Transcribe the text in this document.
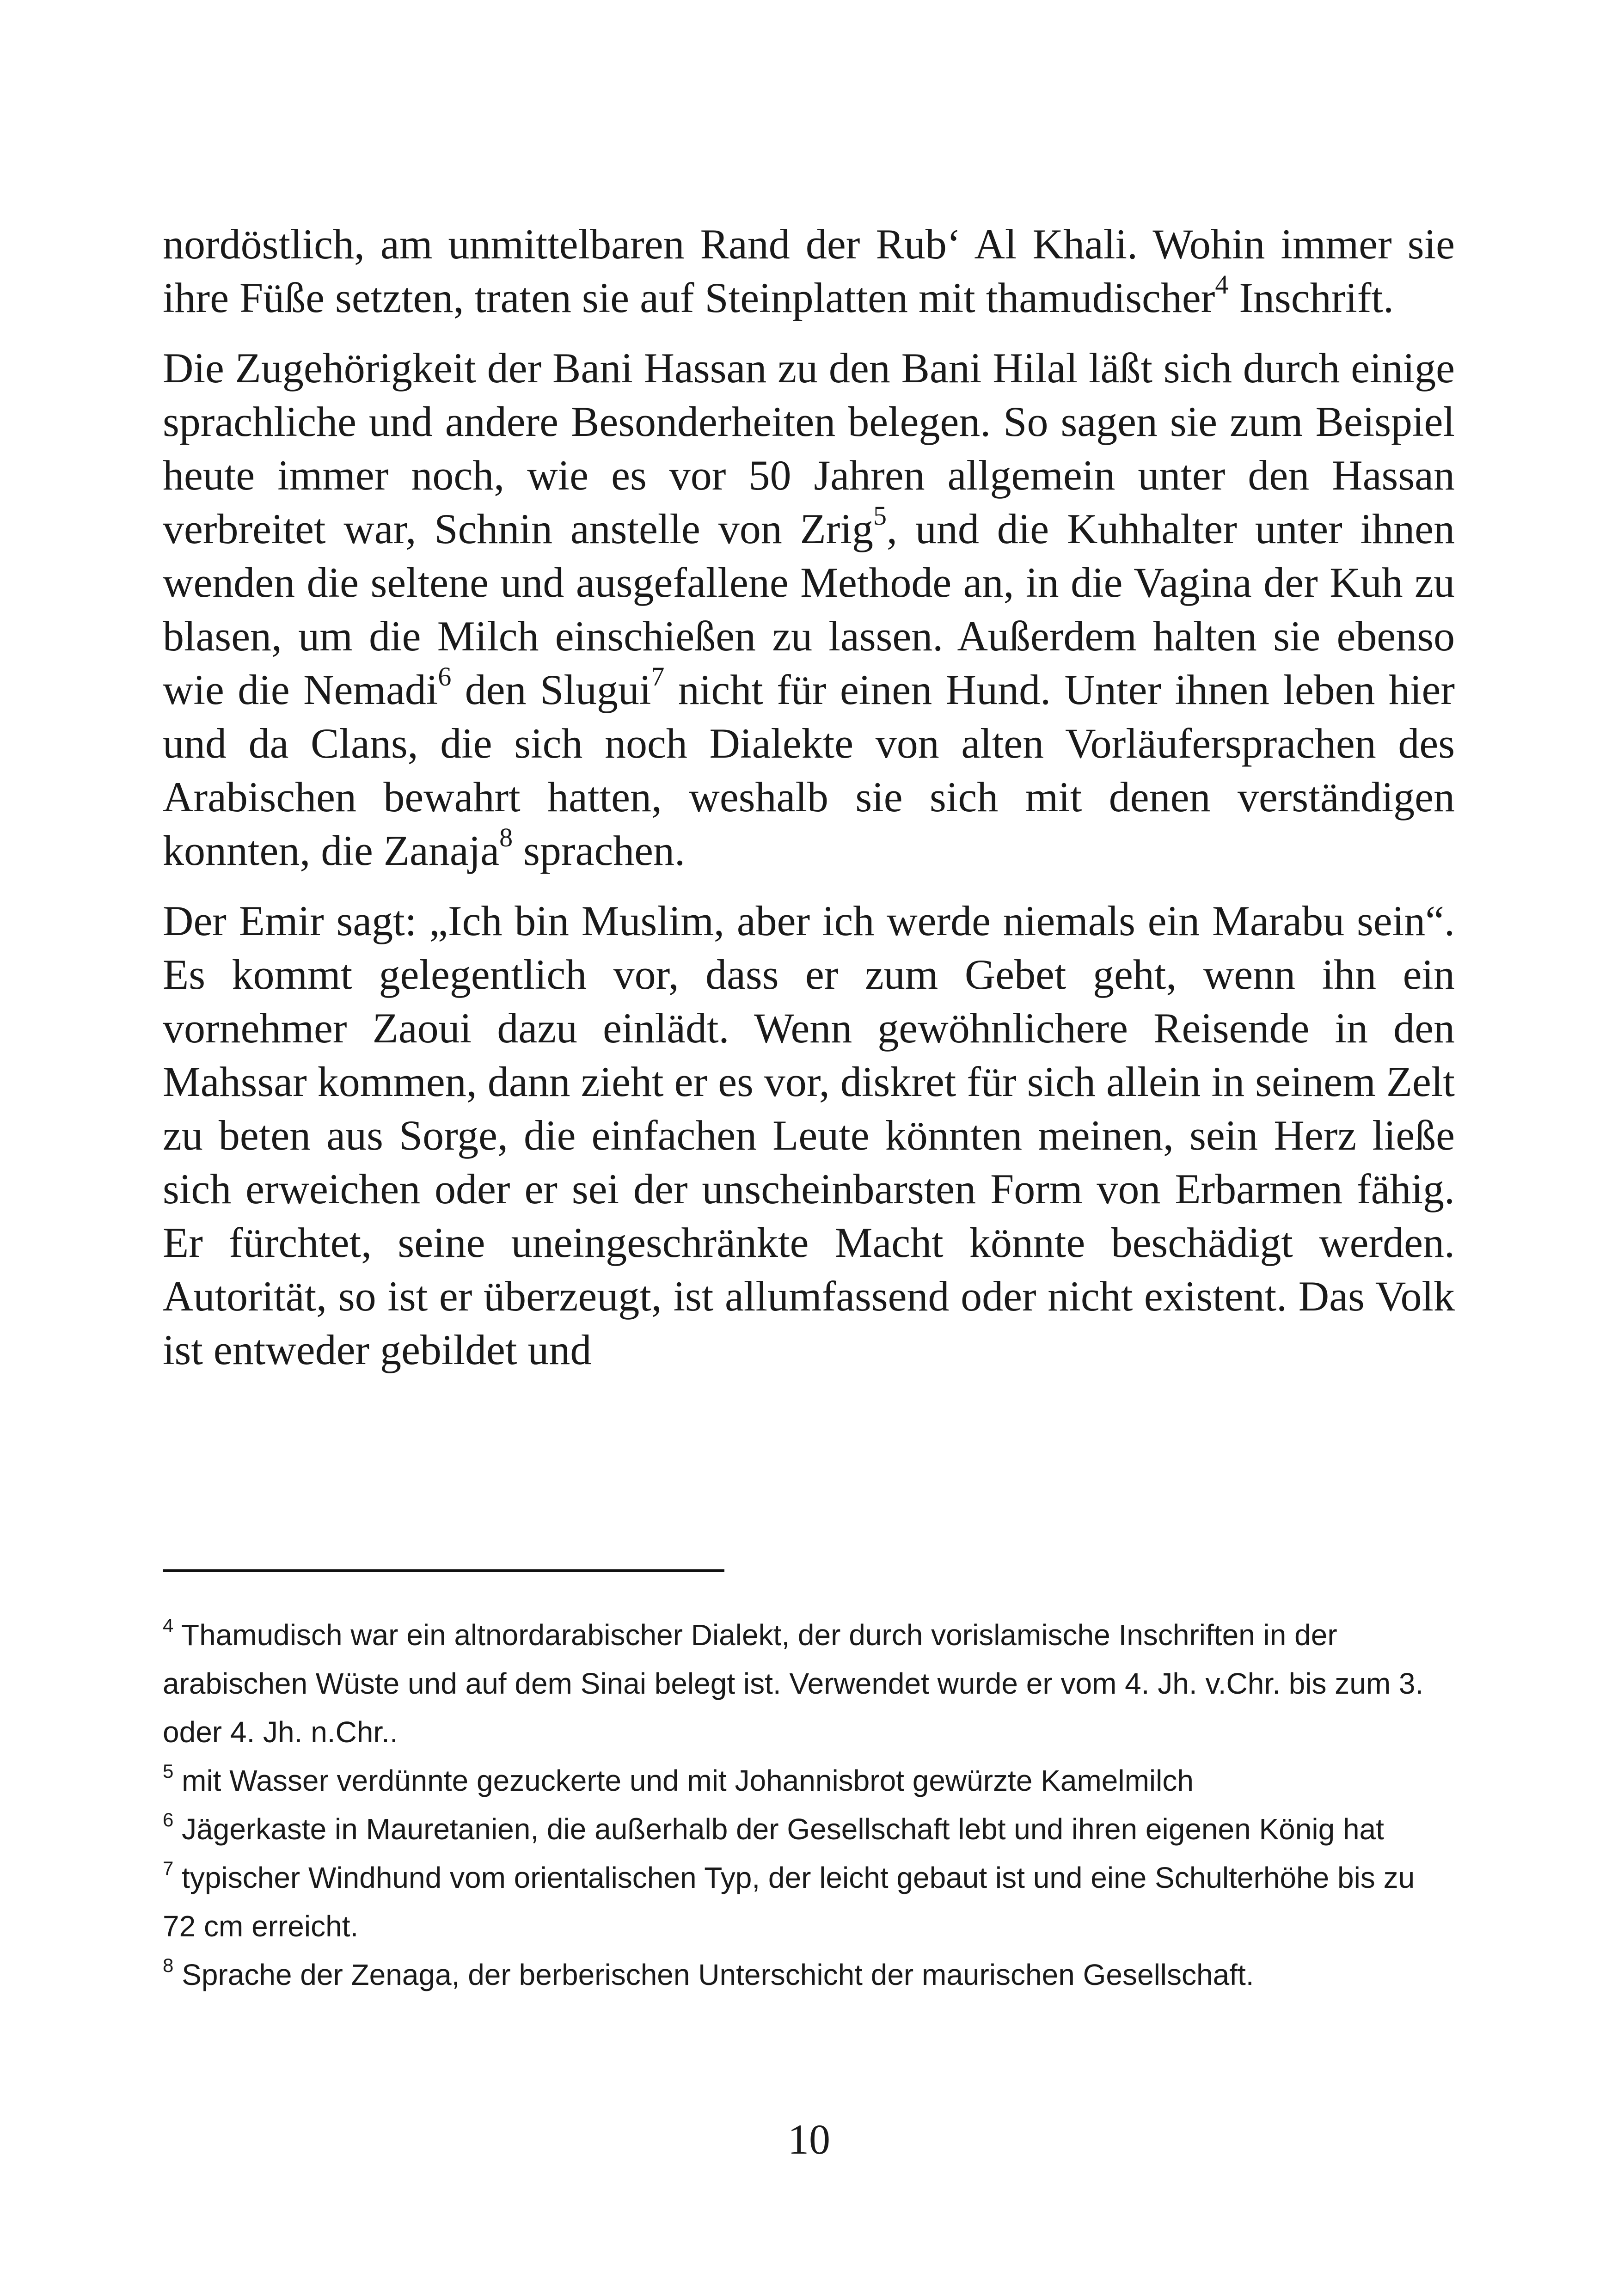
nordöstlich, am unmittelbaren Rand der Rub‘ Al Khali. Wohin immer sie ihre Füße setzten, traten sie auf Steinplatten mit thamudischer$^4$ Inschrift.

Die Zugehörigkeit der Bani Hassan zu den Bani Hilal läßt sich durch einige sprachliche und andere Besonderheiten belegen. So sagen sie zum Beispiel heute immer noch, wie es vor 50 Jahren allgemein unter den Hassan verbreitet war, Schnin anstelle von Zrig$^5$, und die Kuhhalter unter ihnen wenden die seltene und ausgefallene Methode an, in die Vagina der Kuh zu blasen, um die Milch einschießen zu lassen. Außerdem halten sie ebenso wie die Nemadi$^6$ den Slugui$^7$ nicht für einen Hund. Unter ihnen leben hier und da Clans, die sich noch Dialekte von alten Vorläufersprachen des Arabischen bewahrt hatten, weshalb sie sich mit denen verständigen konnten, die Zanaja$^8$ sprachen.

Der Emir sagt: „Ich bin Muslim, aber ich werde niemals ein Marabu sein“. Es kommt gelegentlich vor, dass er zum Gebet geht, wenn ihn ein vornehmer Zaoui dazu einlädt. Wenn gewöhnlichere Reisende in den Mahssar kommen, dann zieht er es vor, diskret für sich allein in seinem Zelt zu beten aus Sorge, die einfachen Leute könnten meinen, sein Herz ließe sich erweichen oder er sei der unscheinbarsten Form von Erbarmen fähig. Er fürchtet, seine uneingeschränkte Macht könnte beschädigt werden. Autorität, so ist er überzeugt, ist allumfassend oder nicht existent. Das Volk ist entweder gebildet und

$^4$ Thamudisch war ein altnordarabischer Dialekt, der durch vorislamische Inschriften in der arabischen Wüste und auf dem Sinai belegt ist. Verwendet wurde er vom 4. Jh. v.Chr. bis zum 3. oder 4. Jh. n.Chr..

$^5$ mit Wasser verdünnte gezuckerte und mit Johannisbrot gewürzte Kamelmilch

$^6$ Jägerkaste in Mauretanien, die außerhalb der Gesellschaft lebt und ihren eigenen König hat

$^7$ typischer Windhund vom orientalischen Typ, der leicht gebaut ist und eine Schulterhöhe bis zu 72 cm erreicht.

$^8$ Sprache der Zenaga, der berberischen Unterschicht der maurischen Gesellschaft.

10
